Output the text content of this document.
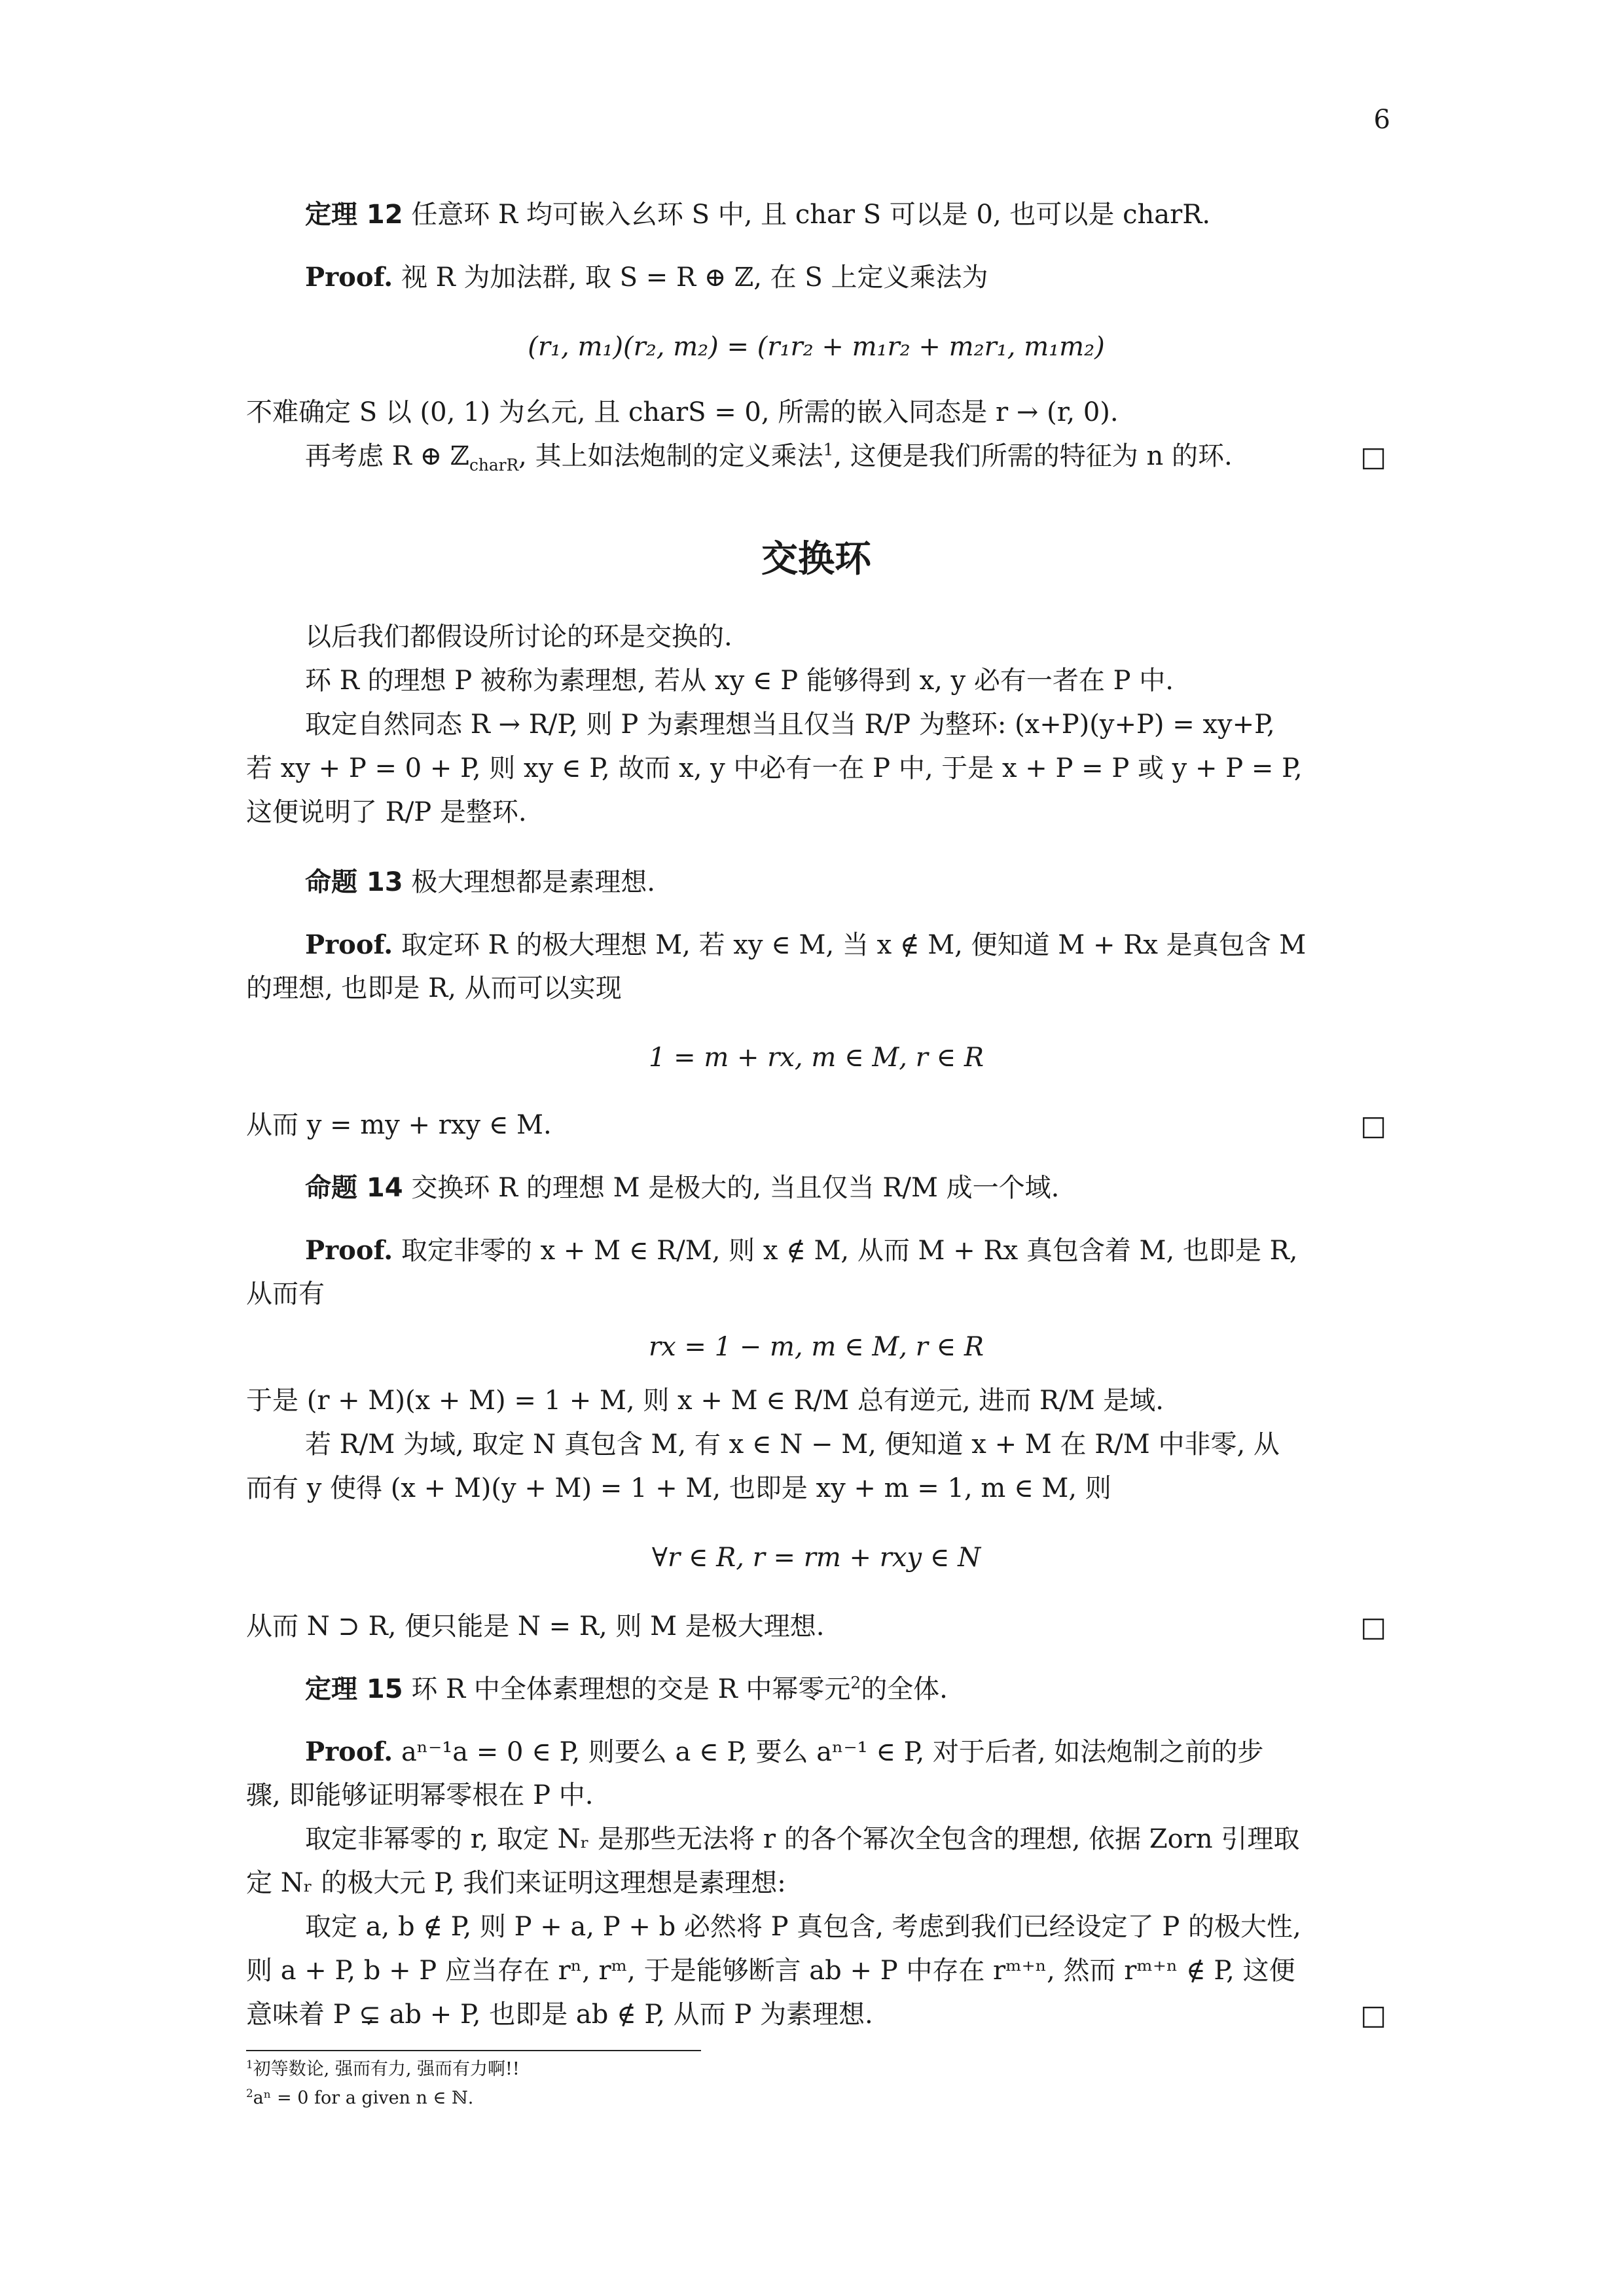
6
定理 12 任意环 R 均可嵌入幺环 S 中, 且 char S 可以是 0, 也可以是 charR.
Proof. 视 R 为加法群, 取 S = R ⊕ ℤ, 在 S 上定义乘法为
(r₁, m₁)(r₂, m₂) = (r₁r₂ + m₁r₂ + m₂r₁, m₁m₂)
不难确定 S 以 (0, 1) 为幺元, 且 charS = 0, 所需的嵌入同态是 r → (r, 0).
再考虑 R ⊕ ℤ$_{charR}$, 其上如法炮制的定义乘法$^1$, 这便是我们所需的特征为 n 的环.	□
交换环
以后我们都假设所讨论的环是交换的.
环 R 的理想 P 被称为素理想, 若从 xy ∈ P 能够得到 x, y 必有一者在 P 中.
取定自然同态 R → R/P, 则 P 为素理想当且仅当 R/P 为整环: (x+P)(y+P) = xy+P,
若 xy + P = 0 + P, 则 xy ∈ P, 故而 x, y 中必有一在 P 中, 于是 x + P = P 或 y + P = P,
这便说明了 R/P 是整环.
命题 13 极大理想都是素理想.
Proof. 取定环 R 的极大理想 M, 若 xy ∈ M, 当 x ∉ M, 便知道 M + Rx 是真包含 M
的理想, 也即是 R, 从而可以实现
1 = m + rx, m ∈ M, r ∈ R
从而 y = my + rxy ∈ M.	□
命题 14 交换环 R 的理想 M 是极大的, 当且仅当 R/M 成一个域.
Proof. 取定非零的 x + M ∈ R/M, 则 x ∉ M, 从而 M + Rx 真包含着 M, 也即是 R,
从而有
rx = 1 − m, m ∈ M, r ∈ R
于是 (r + M)(x + M) = 1 + M, 则 x + M ∈ R/M 总有逆元, 进而 R/M 是域.
若 R/M 为域, 取定 N 真包含 M, 有 x ∈ N − M, 便知道 x + M 在 R/M 中非零, 从
而有 y 使得 (x + M)(y + M) = 1 + M, 也即是 xy + m = 1, m ∈ M, 则
∀r ∈ R, r = rm + rxy ∈ N
从而 N ⊃ R, 便只能是 N = R, 则 M 是极大理想.	□
定理 15 环 R 中全体素理想的交是 R 中幂零元$^2$的全体.
Proof. aⁿ⁻¹a = 0 ∈ P, 则要么 a ∈ P, 要么 aⁿ⁻¹ ∈ P, 对于后者, 如法炮制之前的步
骤, 即能够证明幂零根在 P 中.
取定非幂零的 r, 取定 Nᵣ 是那些无法将 r 的各个幂次全包含的理想, 依据 Zorn 引理取
定 Nᵣ 的极大元 P, 我们来证明这理想是素理想:
取定 a, b ∉ P, 则 P + a, P + b 必然将 P 真包含, 考虑到我们已经设定了 P 的极大性,
则 a + P, b + P 应当存在 rⁿ, rᵐ, 于是能够断言 ab + P 中存在 rᵐ⁺ⁿ, 然而 rᵐ⁺ⁿ ∉ P, 这便
意味着 P ⊊ ab + P, 也即是 ab ∉ P, 从而 P 为素理想.	□
$^1$初等数论, 强而有力, 强而有力啊!!
$^2$aⁿ = 0 for a given n ∈ ℕ.
